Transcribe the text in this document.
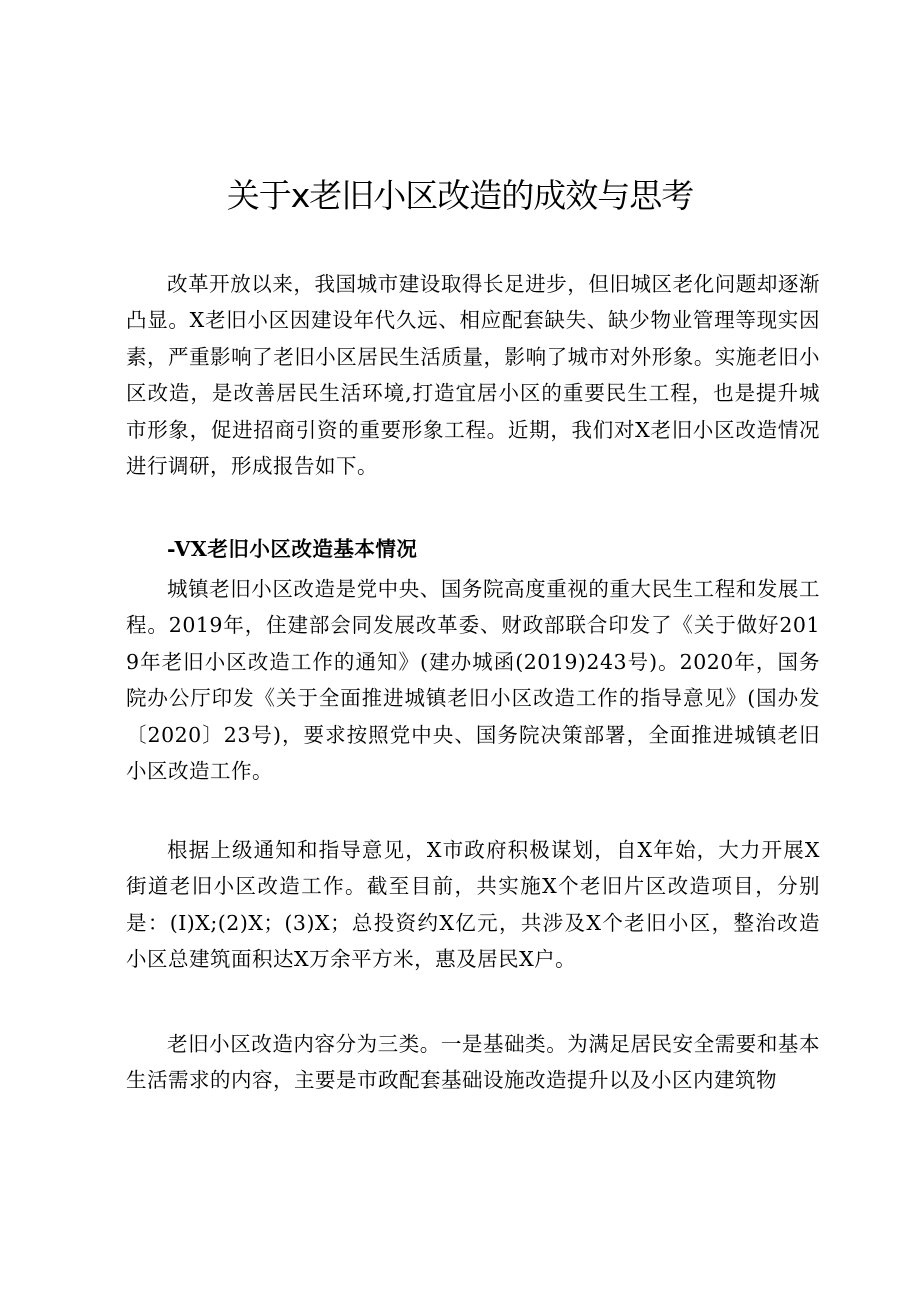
关于x老旧小区改造的成效与思考

改革开放以来，我国城市建设取得长足进步，但旧城区老化问题却逐渐凸显。X老旧小区因建设年代久远、相应配套缺失、缺少物业管理等现实因素，严重影响了老旧小区居民生活质量，影响了城市对外形象。实施老旧小区改造，是改善居民生活环境,打造宜居小区的重要民生工程，也是提升城市形象，促进招商引资的重要形象工程。近期，我们对X老旧小区改造情况进行调研，形成报告如下。

-VX老旧小区改造基本情况

城镇老旧小区改造是党中央、国务院高度重视的重大民生工程和发展工程。2019年，住建部会同发展改革委、财政部联合印发了《关于做好2019年老旧小区改造工作的通知》(建办城函(2019)243号)。2020年，国务院办公厅印发《关于全面推进城镇老旧小区改造工作的指导意见》(国办发〔2020〕23号)，要求按照党中央、国务院决策部署，全面推进城镇老旧小区改造工作。

根据上级通知和指导意见，X市政府积极谋划，自X年始，大力开展X街道老旧小区改造工作。截至目前，共实施X个老旧片区改造项目，分别是：(I)X;(2)X；(3)X；总投资约X亿元，共涉及X个老旧小区，整治改造小区总建筑面积达X万余平方米，惠及居民X户。

老旧小区改造内容分为三类。一是基础类。为满足居民安全需要和基本生活需求的内容，主要是市政配套基础设施改造提升以及小区内建筑物
